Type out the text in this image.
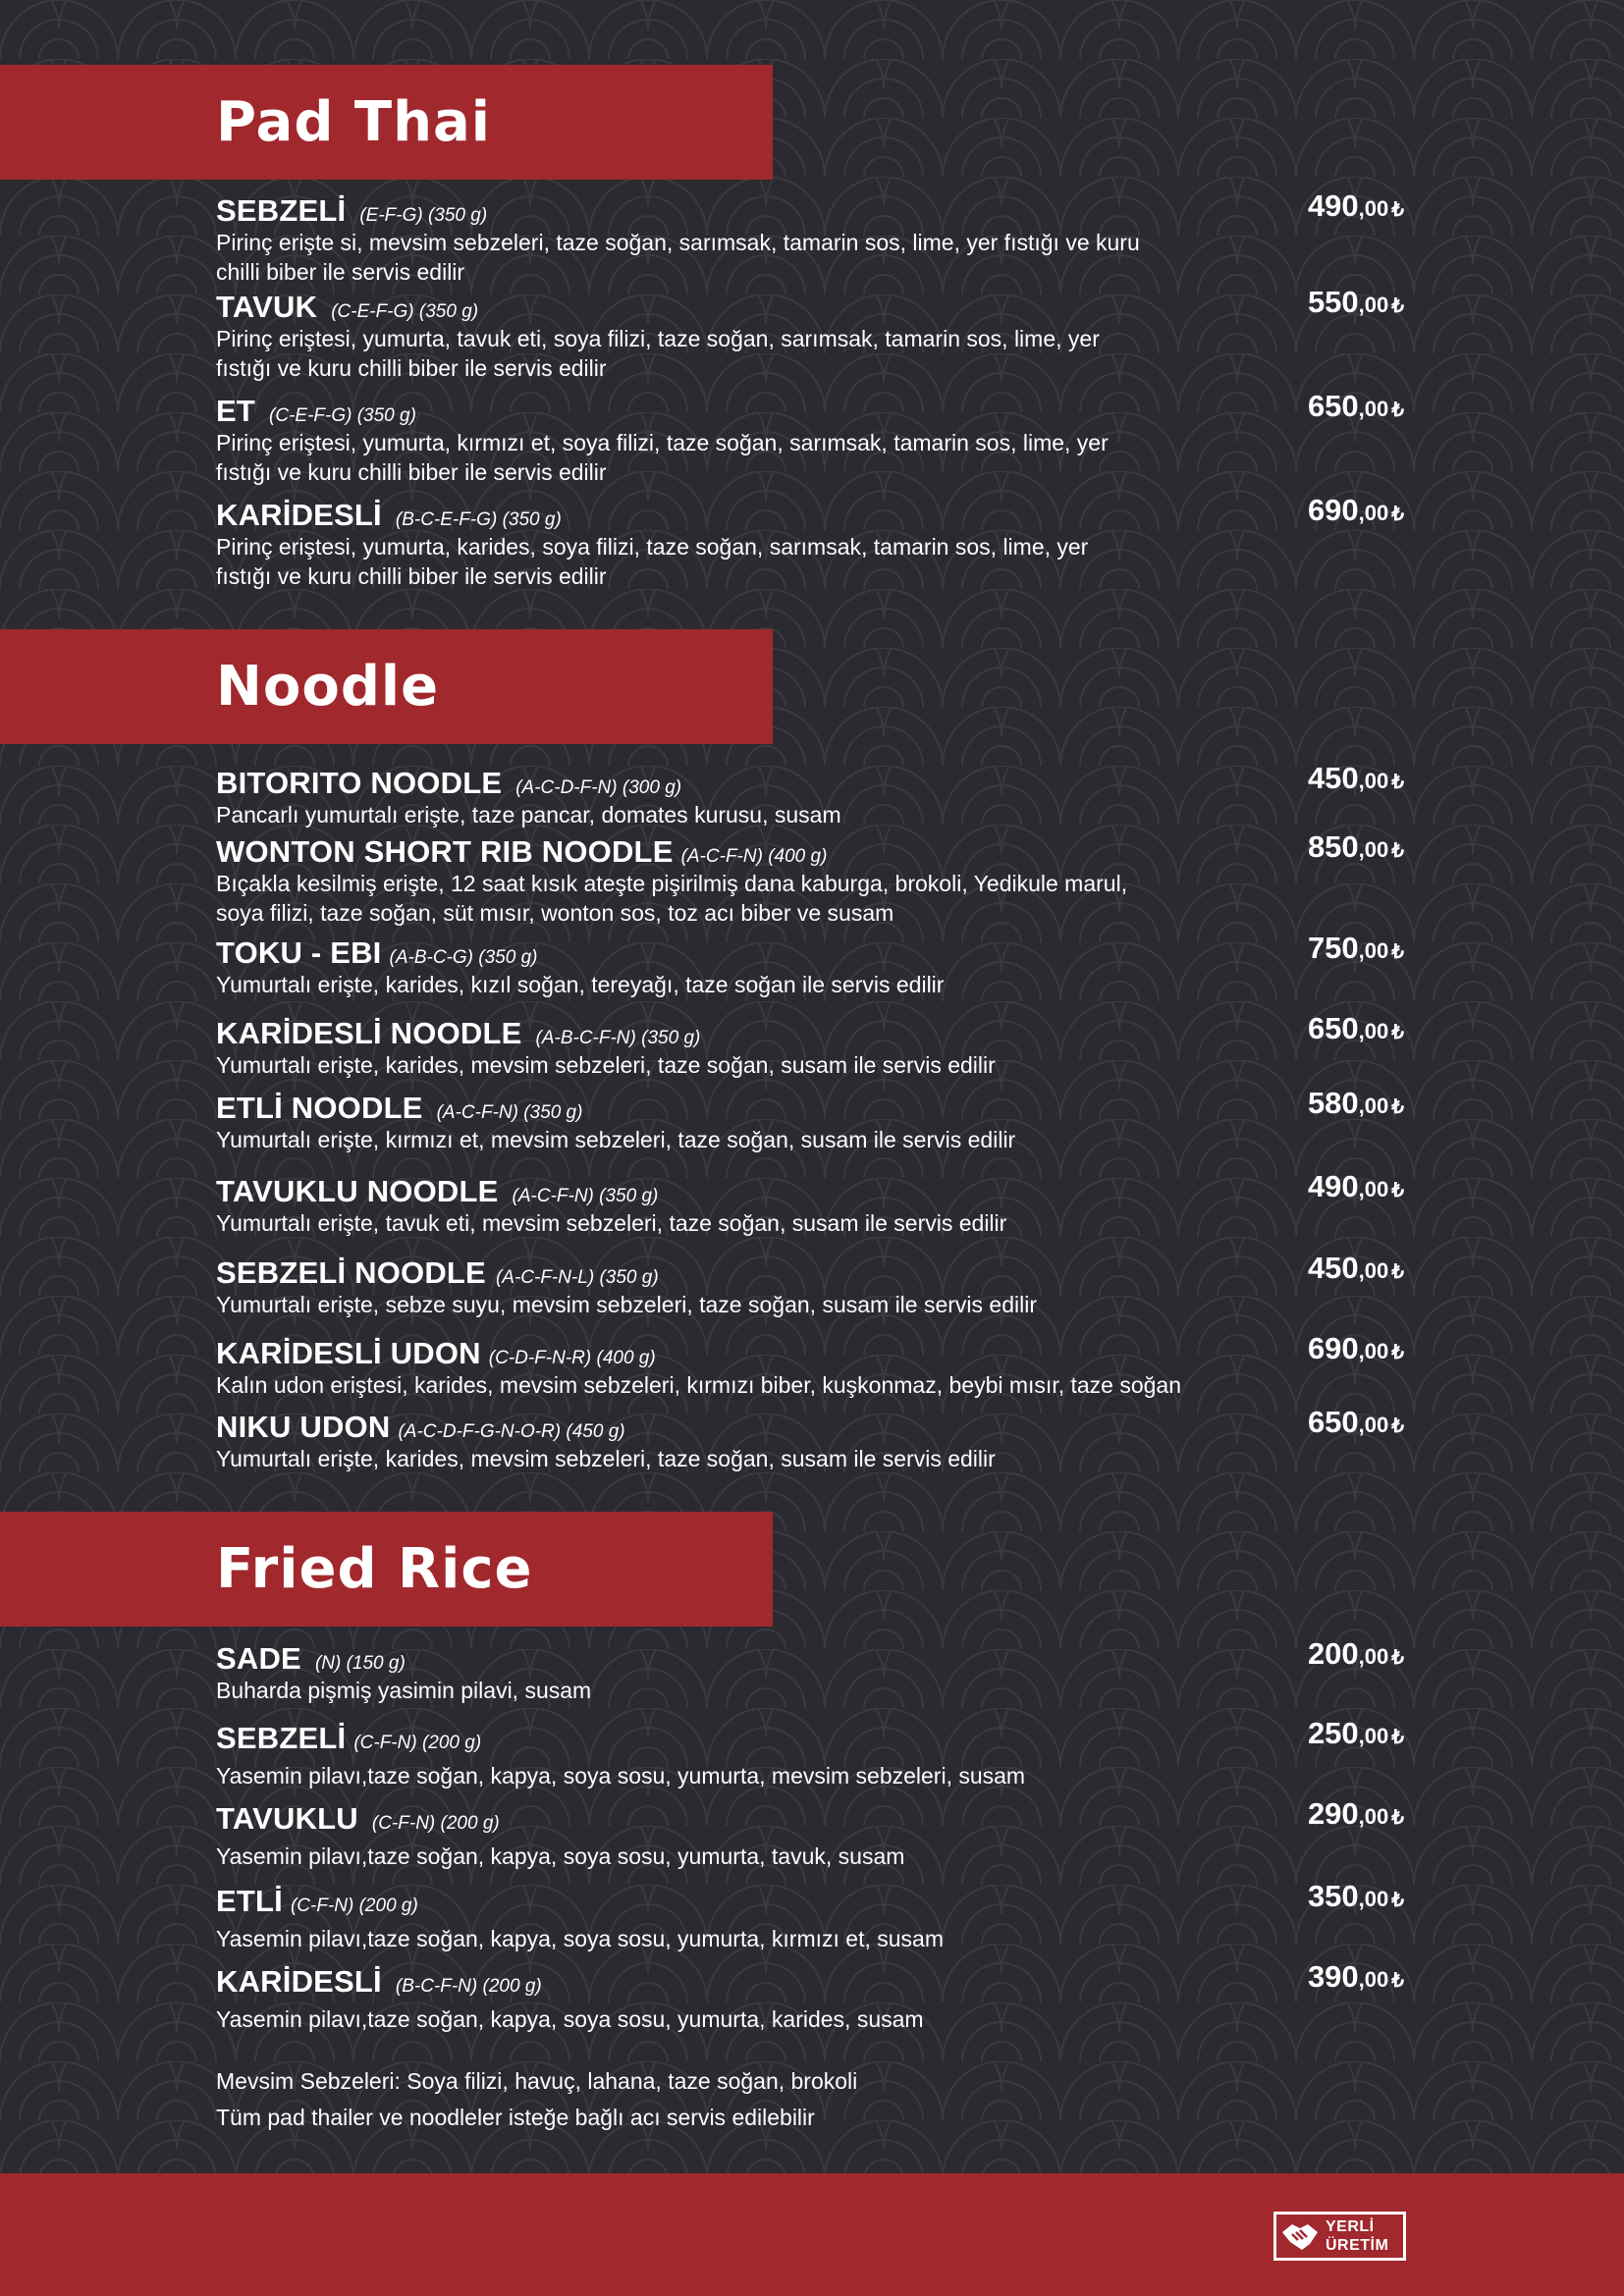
Pad Thai
SEBZELİ (E-F-G) (350 g)
Pirinç erişte si, mevsim sebzeleri, taze soğan, sarımsak, tamarin sos, lime, yer fıstığı ve kuru chilli biber ile servis edilir
490,00 ₺
TAVUK (C-E-F-G) (350 g)
Pirinç eriştesi, yumurta, tavuk eti, soya filizi, taze soğan, sarımsak, tamarin sos, lime, yer fıstığı ve kuru chilli biber ile servis edilir
550,00 ₺
ET (C-E-F-G) (350 g)
Pirinç eriştesi, yumurta, kırmızı et, soya filizi, taze soğan, sarımsak, tamarin sos, lime, yer fıstığı ve kuru chilli biber ile servis edilir
650,00 ₺
KARİDESLİ (B-C-E-F-G) (350 g)
Pirinç eriştesi, yumurta, karides, soya filizi, taze soğan, sarımsak, tamarin sos, lime, yer fıstığı ve kuru chilli biber ile servis edilir
690,00 ₺
Noodle
BITORITO NOODLE (A-C-D-F-N) (300 g)
Pancarlı yumurtalı erişte, taze pancar, domates kurusu, susam
450,00 ₺
WONTON SHORT RIB NOODLE (A-C-F-N) (400 g)
Bıçakla kesilmiş erişte, 12 saat kısık ateşte pişirilmiş dana kaburga, brokoli, Yedikule marul, soya filizi, taze soğan, süt mısır, wonton sos, toz acı biber ve susam
850,00 ₺
TOKU - EBI (A-B-C-G) (350 g)
Yumurtalı erişte, karides, kızıl soğan, tereyağı, taze soğan ile servis edilir
750,00 ₺
KARİDESLİ NOODLE (A-B-C-F-N) (350 g)
Yumurtalı erişte, karides, mevsim sebzeleri, taze soğan, susam ile servis edilir
650,00 ₺
ETLİ NOODLE (A-C-F-N) (350 g)
Yumurtalı erişte, kırmızı et, mevsim sebzeleri, taze soğan, susam ile servis edilir
580,00 ₺
TAVUKLU NOODLE (A-C-F-N) (350 g)
Yumurtalı erişte, tavuk eti, mevsim sebzeleri, taze soğan, susam ile servis edilir
490,00 ₺
SEBZELİ NOODLE (A-C-F-N-L) (350 g)
Yumurtalı erişte, sebze suyu, mevsim sebzeleri, taze soğan, susam ile servis edilir
450,00 ₺
KARİDESLİ UDON (C-D-F-N-R) (400 g)
Kalın udon eriştesi, karides, mevsim sebzeleri, kırmızı biber, kuşkonmaz, beybi mısır, taze soğan
690,00 ₺
NIKU UDON (A-C-D-F-G-N-O-R) (450 g)
Yumurtalı erişte, karides, mevsim sebzeleri, taze soğan, susam ile servis edilir
650,00 ₺
Fried Rice
SADE (N) (150 g)
Buharda pişmiş yasimin pilavi, susam
200,00 ₺
SEBZELİ (C-F-N) (200 g)
Yasemin pilavı,taze soğan, kapya, soya sosu, yumurta, mevsim sebzeleri, susam
250,00 ₺
TAVUKLU (C-F-N) (200 g)
Yasemin pilavı,taze soğan, kapya, soya sosu, yumurta, tavuk, susam
290,00 ₺
ETLİ (C-F-N) (200 g)
Yasemin pilavı,taze soğan, kapya, soya sosu, yumurta, kırmızı et, susam
350,00 ₺
KARİDESLİ (B-C-F-N) (200 g)
Yasemin pilavı,taze soğan, kapya, soya sosu, yumurta, karides, susam
390,00 ₺
Mevsim Sebzeleri: Soya filizi, havuç, lahana, taze soğan, brokoli
Tüm pad thailer ve noodleler isteğe bağlı acı servis edilebilir
YERLİ
ÜRETİM
